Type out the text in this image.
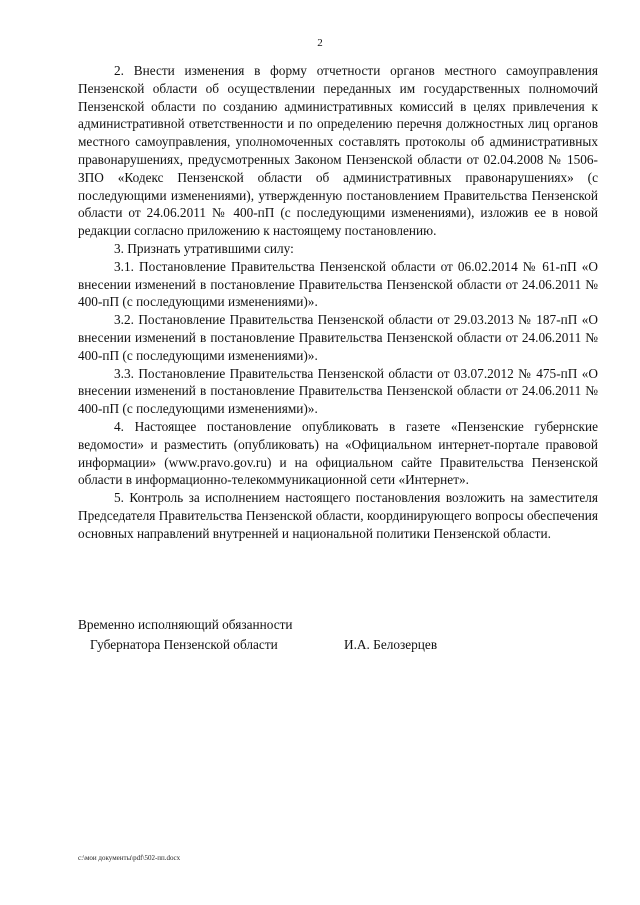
2

2. Внести изменения в форму отчетности органов местного самоуправления Пензенской области об осуществлении переданных им государственных полномочий Пензенской области по созданию административных комиссий в целях привлечения к административной ответственности и по определению перечня должностных лиц органов местного самоуправления, уполномоченных составлять протоколы об административных правонарушениях, предусмотренных Законом Пензенской области от 02.04.2008 № 1506-ЗПО «Кодекс Пензенской области об административных правонарушениях» (с последующими изменениями), утвержденную постановлением Правительства Пензенской области от 24.06.2011 № 400-пП (с последующими изменениями), изложив ее в новой редакции согласно приложению к настоящему постановлению.

3. Признать утратившими силу:

3.1. Постановление Правительства Пензенской области от 06.02.2014 № 61-пП «О внесении изменений в постановление Правительства Пензенской области от 24.06.2011 № 400-пП (с последующими изменениями)».

3.2. Постановление Правительства Пензенской области от 29.03.2013 № 187-пП «О внесении изменений в постановление Правительства Пензенской области от 24.06.2011 № 400-пП (с последующими изменениями)».

3.3. Постановление Правительства Пензенской области от 03.07.2012 № 475-пП «О внесении изменений в постановление Правительства Пензенской области от 24.06.2011 № 400-пП (с последующими изменениями)».

4. Настоящее постановление опубликовать в газете «Пензенские губернские ведомости» и разместить (опубликовать) на «Официальном интернет-портале правовой информации» (www.pravo.gov.ru) и на официальном сайте Правительства Пензенской области в информационно-телекоммуникационной сети «Интернет».

5. Контроль за исполнением настоящего постановления возложить на заместителя Председателя Правительства Пензенской области, координирующего вопросы обеспечения основных направлений внутренней и национальной политики Пензенской области.

Временно исполняющий обязанности
Губернатора Пензенской области	И.А. Белозерцев
c:\мои документы\pdf\502-пп.docx
